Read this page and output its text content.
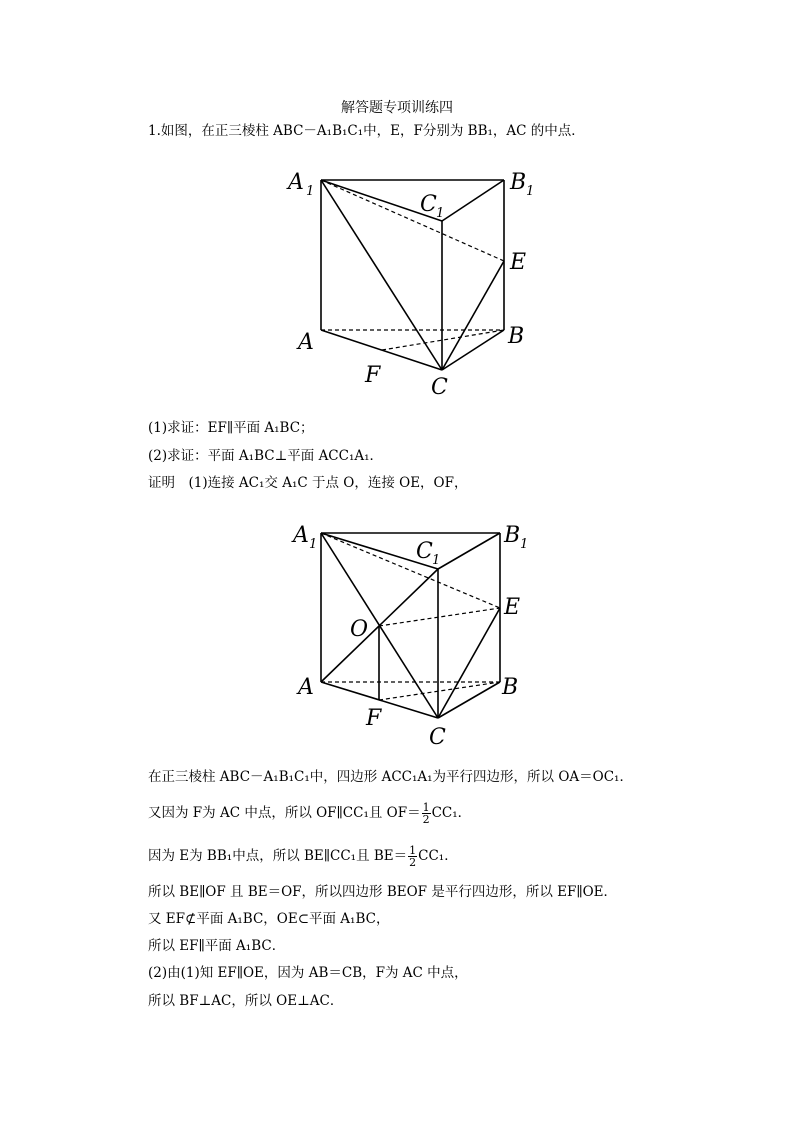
解答题专项训练四
1.如图，在正三棱柱 ABC－A₁B₁C₁中，E，F分别为 BB₁，AC 的中点．
A 1
C 1
B 1
E
A	B
F C
(1)求证：EF∥平面 A₁BC；
(2)求证：平面 A₁BC⊥平面 ACC₁A₁．
证明　(1)连接 AC₁交 A₁C 于点 O，连接 OE，OF，
A 1	C 1
B 1
E
O
A	B
F
C
在正三棱柱 ABC－A₁B₁C₁中，四边形 ACC₁A₁为平行四边形，所以 OA＝OC₁．
又因为 F为 AC 中点，所以 OF∥CC₁且 $OF= \frac{1}{2} CC_1$．
因为 E为 BB₁中点，所以 BE∥CC₁且 $BE= \frac{1}{2} CC_1$．
所以 BE∥OF 且 BE＝OF，所以四边形 BEOF 是平行四边形，所以 EF∥OE．
又 EF⊄平面 A₁BC，OE⊂平面 A₁BC，
所以 EF∥平面 A₁BC．
(2)由(1)知 EF∥OE，因为 AB＝CB，F为 AC 中点，
所以 BF⊥AC，所以 OE⊥AC．
